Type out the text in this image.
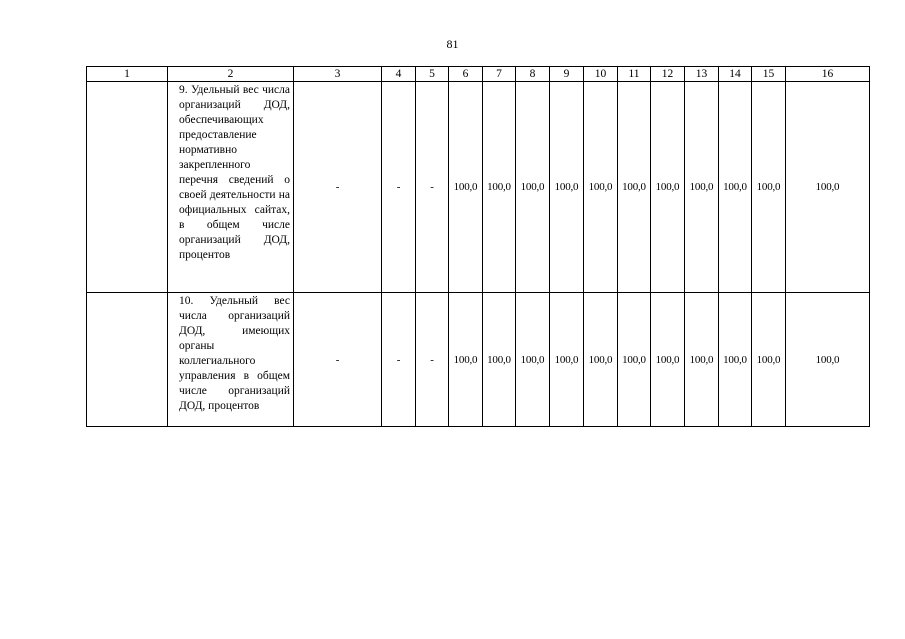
81
1	2	3	4	5	6	7	8	9	10	11	12	13	14	15	16
	9. Удельный вес числа организаций ДОД, обеспечивающих предоставление нормативно закрепленного перечня сведений о своей деятельности на официальных сайтах, в общем числе организаций ДОД, процентов	-	-	-	100,0	100,0	100,0	100,0	100,0	100,0	100,0	100,0	100,0	100,0	100,0
	10. Удельный вес числа организаций ДОД, имеющих органы коллегиального управления в общем числе организаций ДОД, процентов	-	-	-	100,0	100,0	100,0	100,0	100,0	100,0	100,0	100,0	100,0	100,0	100,0
